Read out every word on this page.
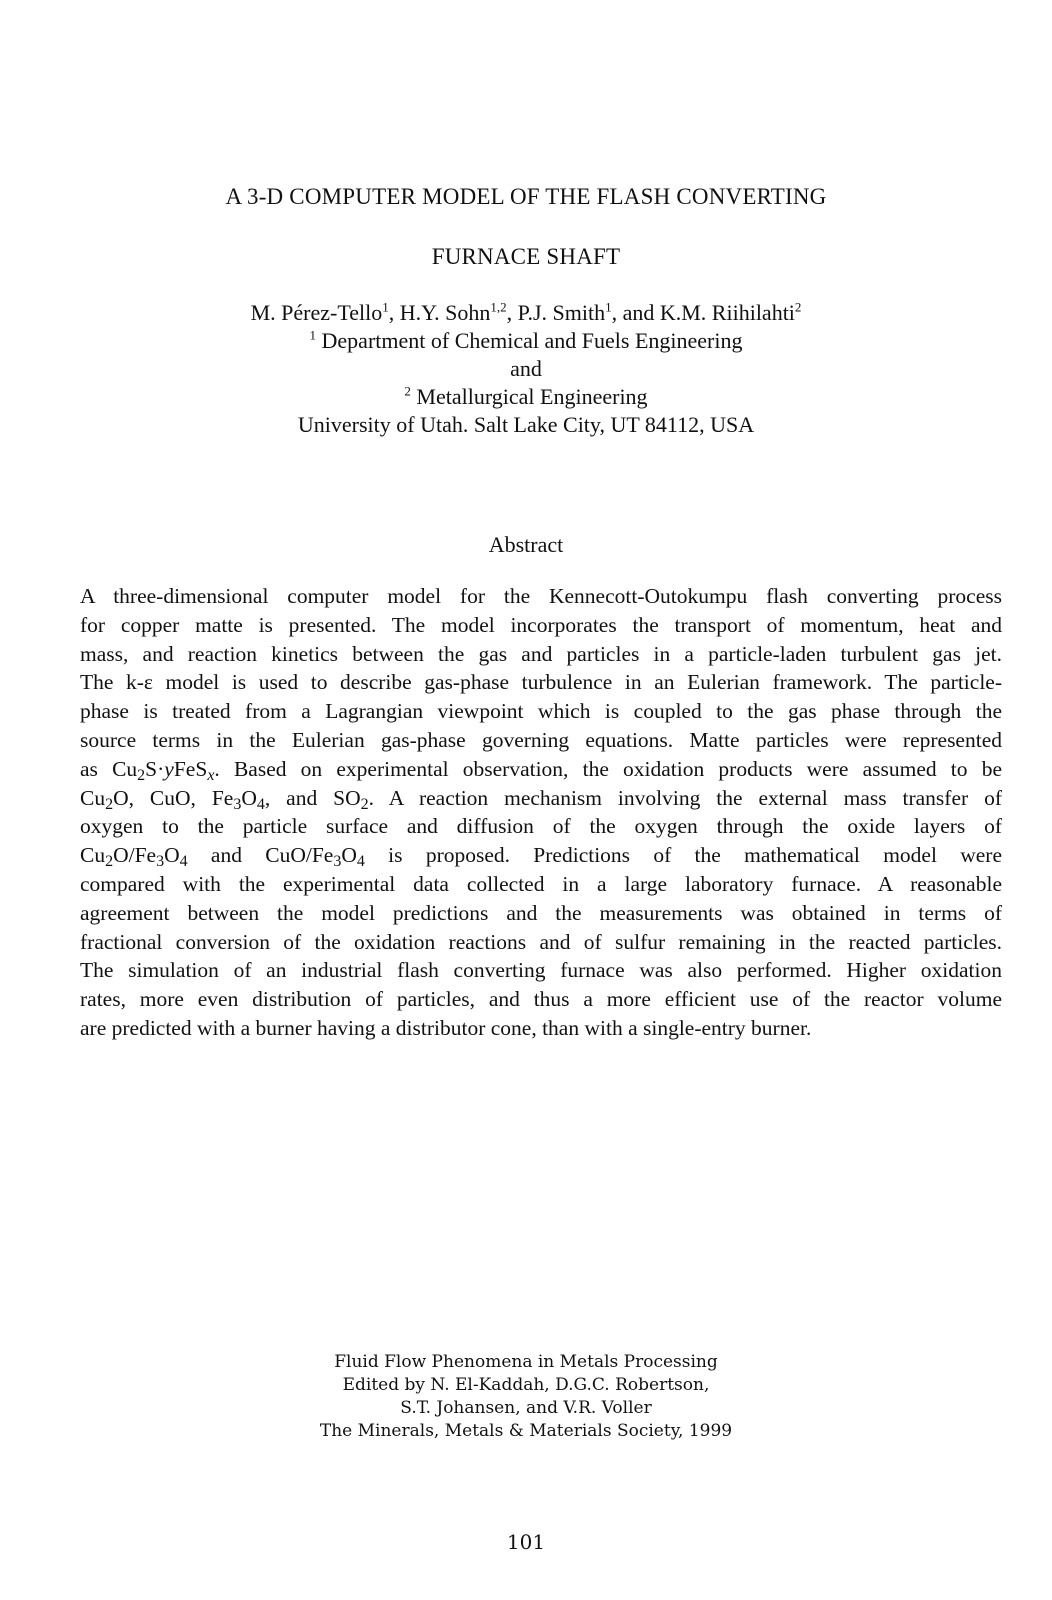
A 3-D COMPUTER MODEL OF THE FLASH CONVERTING
FURNACE SHAFT
M. Pérez-Tello$^1$, H.Y. Sohn$^{1,2}$, P.J. Smith$^1$, and K.M. Riihilahti$^2$
$^1$ Department of Chemical and Fuels Engineering
and
$^2$ Metallurgical Engineering
University of Utah. Salt Lake City, UT 84112, USA
Abstract
A three-dimensional computer model for the Kennecott-Outokumpu flash converting process
for copper matte is presented. The model incorporates the transport of momentum, heat and
mass, and reaction kinetics between the gas and particles in a particle-laden turbulent gas jet.
The k-ε model is used to describe gas-phase turbulence in an Eulerian framework. The particle-
phase is treated from a Lagrangian viewpoint which is coupled to the gas phase through the
source terms in the Eulerian gas-phase governing equations. Matte particles were represented
as $Cu_2S\cdot yFeS_x$. Based on experimental observation, the oxidation products were assumed to be
$Cu_2O$, CuO, $Fe_3O_4$, and $SO_2$. A reaction mechanism involving the external mass transfer of
oxygen to the particle surface and diffusion of the oxygen through the oxide layers of
$Cu_2O/Fe_3O_4$ and CuO/$Fe_3O_4$ is proposed. Predictions of the mathematical model were
compared with the experimental data collected in a large laboratory furnace. A reasonable
agreement between the model predictions and the measurements was obtained in terms of
fractional conversion of the oxidation reactions and of sulfur remaining in the reacted particles.
The simulation of an industrial flash converting furnace was also performed. Higher oxidation
rates, more even distribution of particles, and thus a more efficient use of the reactor volume
are predicted with a burner having a distributor cone, than with a single-entry burner.
Fluid Flow Phenomena in Metals Processing
Edited by N. El-Kaddah, D.G.C. Robertson,
S.T. Johansen, and V.R. Voller
The Minerals, Metals & Materials Society, 1999
101
